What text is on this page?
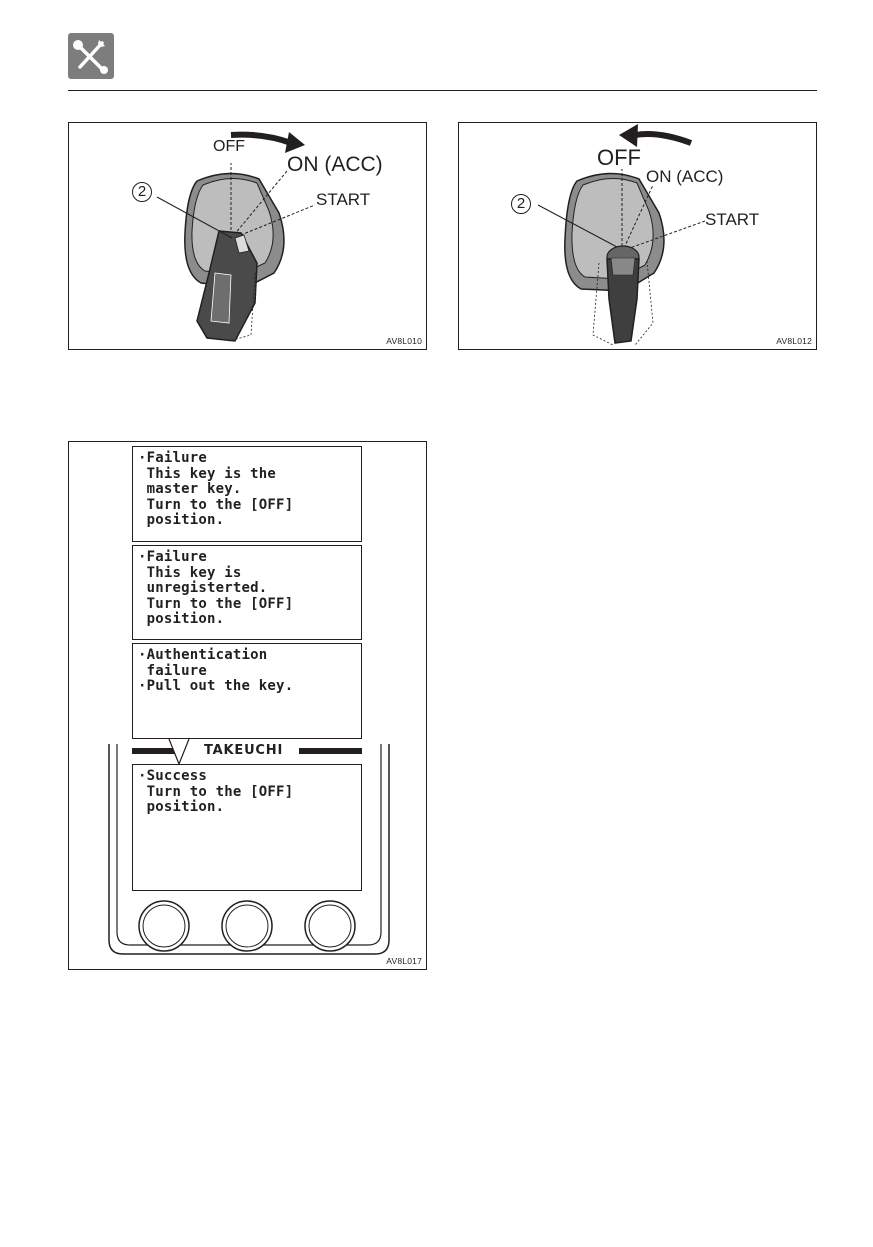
OFF
ON (ACC)
START
2
AV8L010
OFF
ON (ACC)
START
2
AV8L012
·Failure
This key is the
master key.
Turn to the [OFF]
position.
·Failure
This key is
unregisterted.
Turn to the [OFF]
position.
·Authentication
failure
·Pull out the key.
TAKEUCHI
·Success
Turn to the [OFF]
position.
AV8L017
